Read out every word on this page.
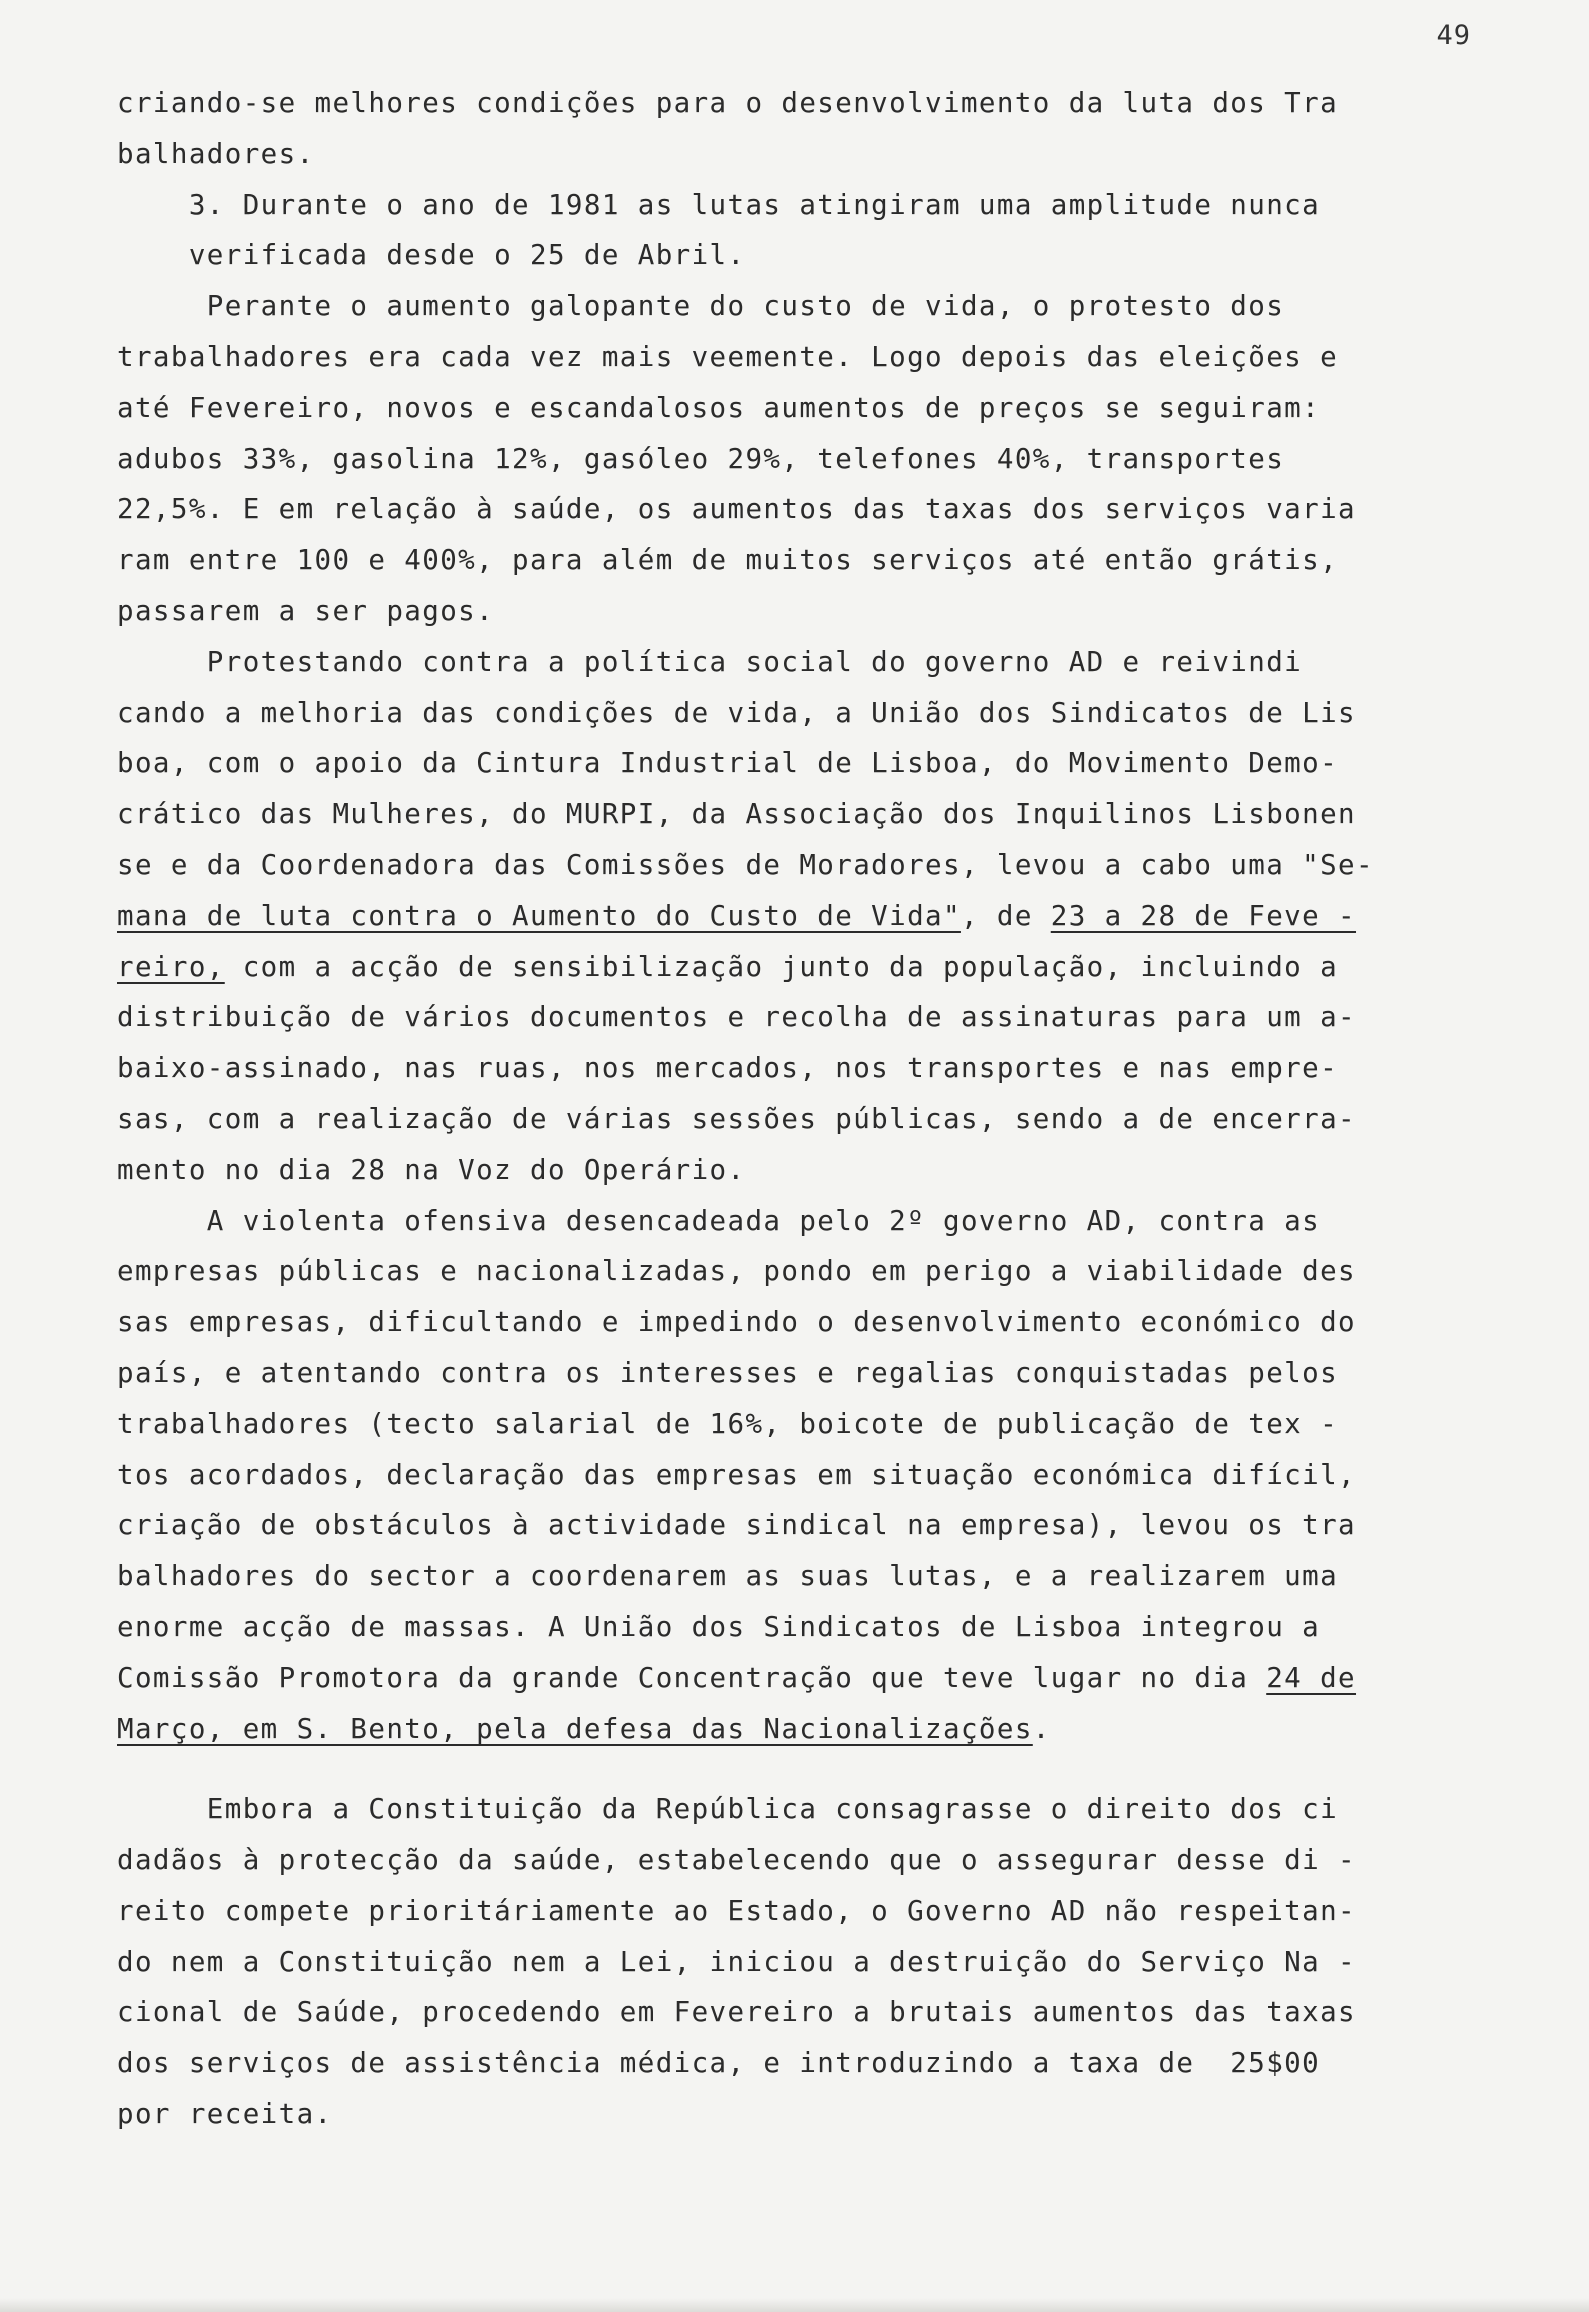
49
criando-se melhores condições para o desenvolvimento da luta dos Tra
balhadores.
3. Durante o ano de 1981 as lutas atingiram uma amplitude nunca
verificada desde o 25 de Abril.
Perante o aumento galopante do custo de vida, o protesto dos
trabalhadores era cada vez mais veemente. Logo depois das eleições e
até Fevereiro, novos e escandalosos aumentos de preços se seguiram:
adubos 33%, gasolina 12%, gasóleo 29%, telefones 40%, transportes
22,5%. E em relação à saúde, os aumentos das taxas dos serviços varia
ram entre 100 e 400%, para além de muitos serviços até então grátis,
passarem a ser pagos.
Protestando contra a política social do governo AD e reivindi
cando a melhoria das condições de vida, a União dos Sindicatos de Lis
boa, com o apoio da Cintura Industrial de Lisboa, do Movimento Demo-
crático das Mulheres, do MURPI, da Associação dos Inquilinos Lisbonen
se e da Coordenadora das Comissões de Moradores, levou a cabo uma "Se-
mana de luta contra o Aumento do Custo de Vida", de 23 a 28 de Feve -
reiro, com a acção de sensibilização junto da população, incluindo a
distribuição de vários documentos e recolha de assinaturas para um a-
baixo-assinado, nas ruas, nos mercados, nos transportes e nas empre-
sas, com a realização de várias sessões públicas, sendo a de encerra-
mento no dia 28 na Voz do Operário.
A violenta ofensiva desencadeada pelo 2º governo AD, contra as
empresas públicas e nacionalizadas, pondo em perigo a viabilidade des
sas empresas, dificultando e impedindo o desenvolvimento económico do
país, e atentando contra os interesses e regalias conquistadas pelos
trabalhadores (tecto salarial de 16%, boicote de publicação de tex -
tos acordados, declaração das empresas em situação económica difícil,
criação de obstáculos à actividade sindical na empresa), levou os tra
balhadores do sector a coordenarem as suas lutas, e a realizarem uma
enorme acção de massas. A União dos Sindicatos de Lisboa integrou a
Comissão Promotora da grande Concentração que teve lugar no dia 24 de
Março, em S. Bento, pela defesa das Nacionalizações.
Embora a Constituição da República consagrasse o direito dos ci
dadãos à protecção da saúde, estabelecendo que o assegurar desse di -
reito compete prioritáriamente ao Estado, o Governo AD não respeitan-
do nem a Constituição nem a Lei, iniciou a destruição do Serviço Na -
cional de Saúde, procedendo em Fevereiro a brutais aumentos das taxas
dos serviços de assistência médica, e introduzindo a taxa de  25$00
por receita.
